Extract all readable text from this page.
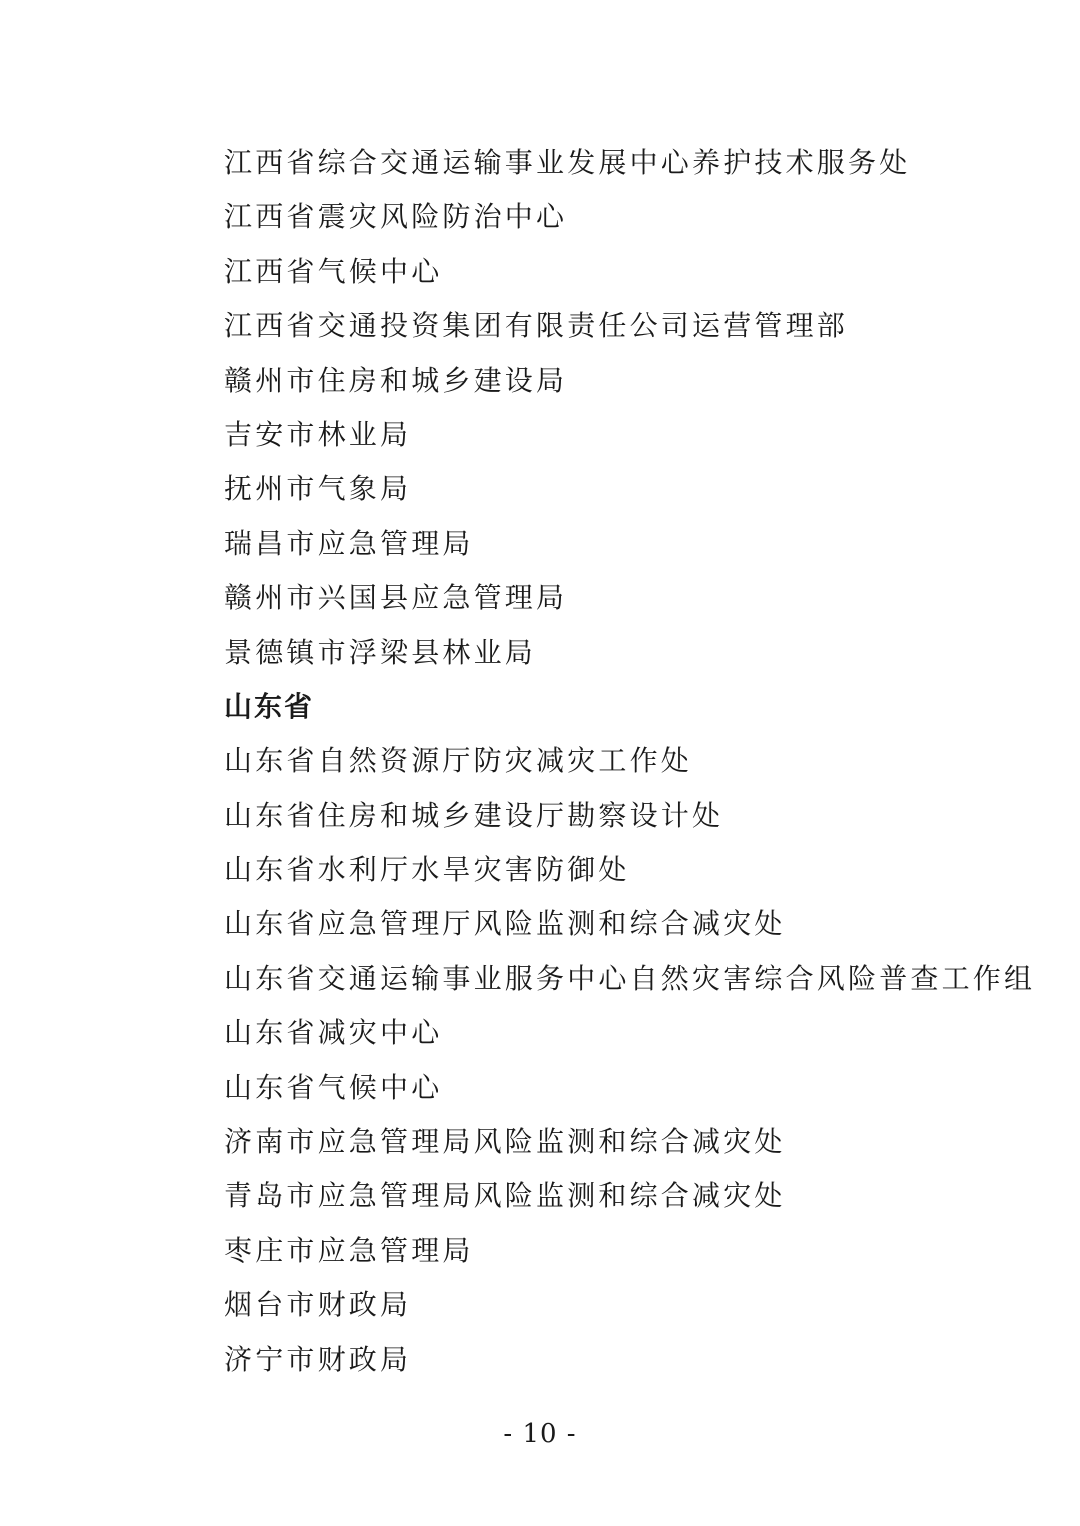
江西省综合交通运输事业发展中心养护技术服务处
江西省震灾风险防治中心
江西省气候中心
江西省交通投资集团有限责任公司运营管理部
赣州市住房和城乡建设局
吉安市林业局
抚州市气象局
瑞昌市应急管理局
赣州市兴国县应急管理局
景德镇市浮梁县林业局
山东省
山东省自然资源厅防灾减灾工作处
山东省住房和城乡建设厅勘察设计处
山东省水利厅水旱灾害防御处
山东省应急管理厅风险监测和综合减灾处
山东省交通运输事业服务中心自然灾害综合风险普查工作组
山东省减灾中心
山东省气候中心
济南市应急管理局风险监测和综合减灾处
青岛市应急管理局风险监测和综合减灾处
枣庄市应急管理局
烟台市财政局
济宁市财政局
- 10 -
